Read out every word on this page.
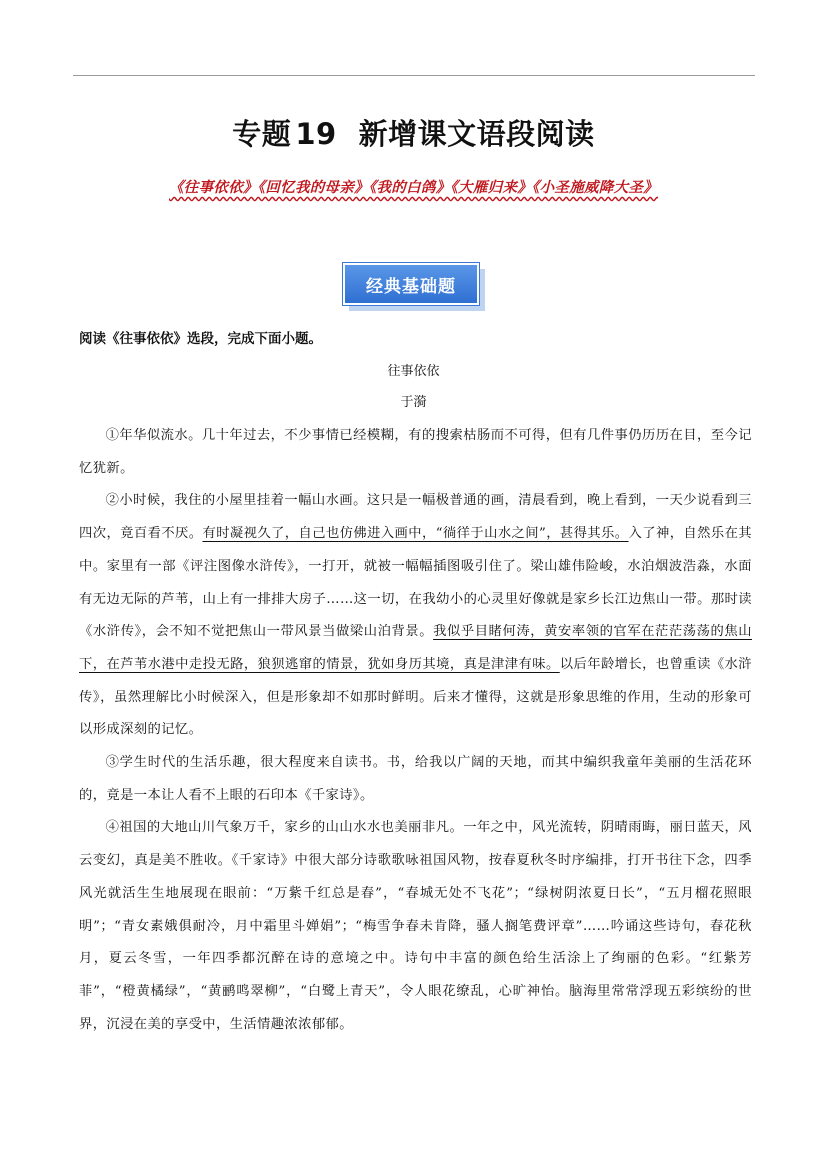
专题 19 新增课文语段阅读
《往事依依》《回忆我的母亲》《我的白鸽》《大雁归来》《小圣施威降大圣》
经典基础题
阅读《往事依依》选段，完成下面小题。
往事依依
于漪

①年华似流水。几十年过去，不少事情已经模糊，有的搜索枯肠而不可得，但有几件事仍历历在目，至今记忆犹新。

②小时候，我住的小屋里挂着一幅山水画。这只是一幅极普通的画，清晨看到，晚上看到，一天少说看到三四次，竟百看不厌。有时凝视久了，自己也仿佛进入画中，“徜徉于山水之间”，甚得其乐。入了神，自然乐在其中。家里有一部《评注图像水浒传》，一打开，就被一幅幅插图吸引住了。梁山雄伟险峻，水泊烟波浩淼，水面有无边无际的芦苇，山上有一排排大房子……这一切，在我幼小的心灵里好像就是家乡长江边焦山一带。那时读《水浒传》，会不知不觉把焦山一带风景当做梁山泊背景。我似乎目睹何涛，黄安率领的官军在茫茫荡荡的焦山下，在芦苇水港中走投无路，狼狈逃窜的情景，犹如身历其境，真是津津有味。以后年龄增长，也曾重读《水浒传》，虽然理解比小时候深入，但是形象却不如那时鲜明。后来才懂得，这就是形象思维的作用，生动的形象可以形成深刻的记忆。

③学生时代的生活乐趣，很大程度来自读书。书，给我以广阔的天地，而其中编织我童年美丽的生活花环的，竟是一本让人看不上眼的石印本《千家诗》。

④祖国的大地山川气象万千，家乡的山山水水也美丽非凡。一年之中，风光流转，阴晴雨晦，丽日蓝天，风云变幻，真是美不胜收。《千家诗》中很大部分诗歌歌咏祖国风物，按春夏秋冬时序编排，打开书往下念，四季风光就活生生地展现在眼前：“万紫千红总是春”，“春城无处不飞花”；“绿树阴浓夏日长”，“五月榴花照眼明”；“青女素娥俱耐冷，月中霜里斗婵娟”；“梅雪争春未肯降，骚人搁笔费评章”……吟诵这些诗句，春花秋月，夏云冬雪，一年四季都沉醉在诗的意境之中。诗句中丰富的颜色给生活涂上了绚丽的色彩。“红紫芳菲”，“橙黄橘绿”，“黄鹂鸣翠柳”，“白鹭上青天”，令人眼花缭乱，心旷神怡。脑海里常常浮现五彩缤纷的世界，沉浸在美的享受中，生活情趣浓浓郁郁。
